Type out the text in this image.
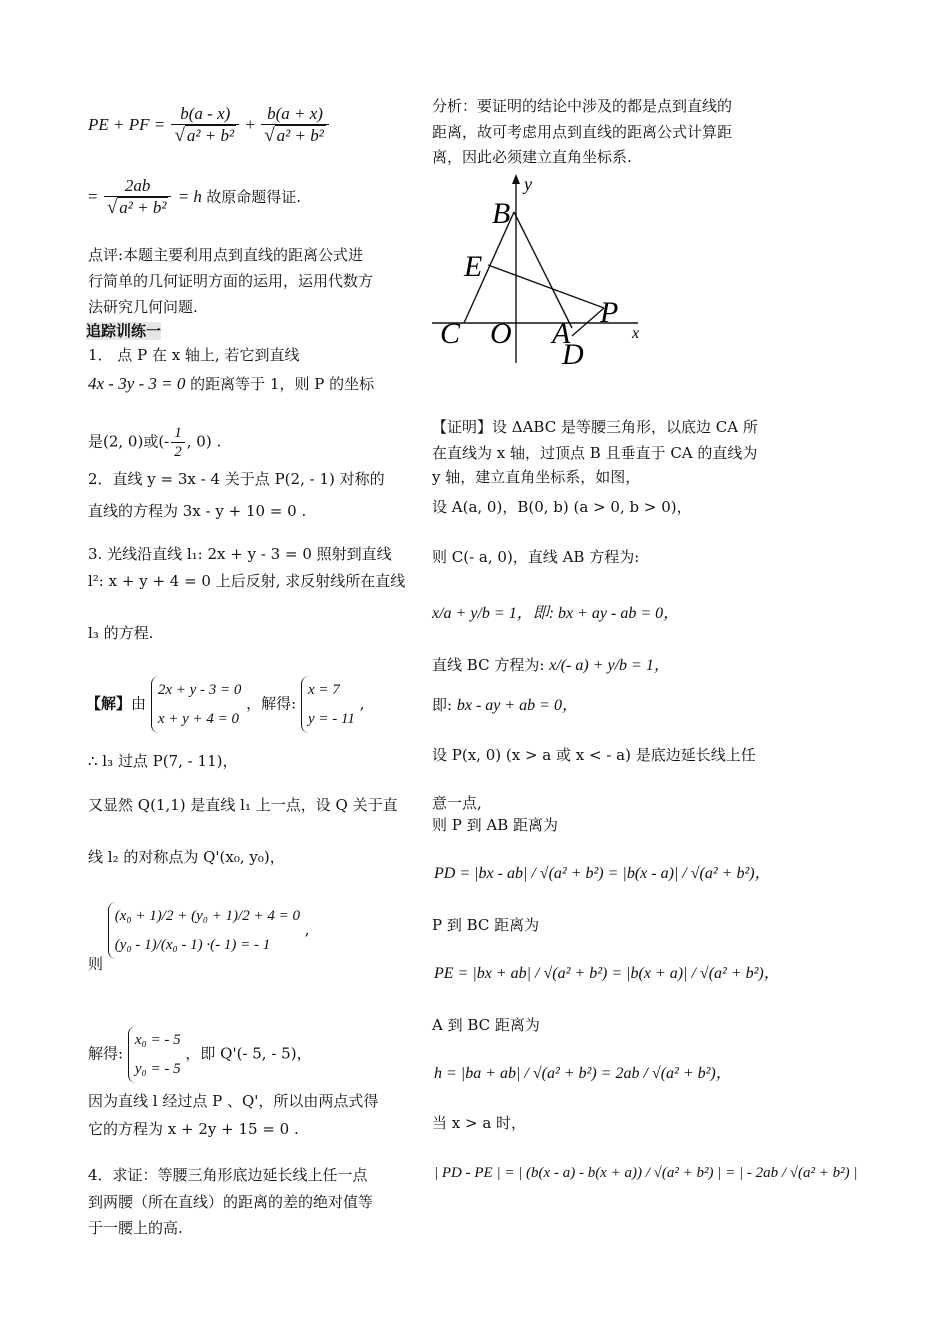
PE + PF = $\frac{b(a - x)}{\text{√ a² + b²}} + \frac{b(a + x)}{\text{√ a² + b²}}$
= $\frac{2ab}{\text{√ a² + b²}} = h$ 故原命题得证.
点评:本题主要利用点到直线的距离公式进
行简单的几何证明方面的运用，运用代数方
法研究几何问题.
追踪训练一
1． 点 P 在 x 轴上, 若它到直线
4x - 3y - 3 = 0 的距离等于 1，则 P 的坐标
是(2, 0)或(- $\frac{1}{2}$ , 0) .
2．直线 y = 3x - 4 关于点 P(2, - 1) 对称的
直线的方程为 3x - y + 10 = 0 .
3. 光线沿直线 l₁: 2x + y - 3 = 0 照射到直线
l²: x + y + 4 = 0 上后反射, 求反射线所在直线
l₃ 的方程.
【解】由
2x + y - 3 = 0
x + y + 4 = 0
，解得:
x = 7
y = - 11
,
∴ l₃ 过点 P(7, - 11)，
又显然 Q(1,1) 是直线 l₁ 上一点，设 Q 关于直
线 l₂ 的对称点为 Q'(x₀, y₀)，
则
(x₀ + 1)/2 + (y₀ + 1)/2 + 4 = 0
(y₀ - 1)/(x₀ - 1) ·(- 1) = - 1
,
解得:
x₀ = - 5
y₀ = - 5
，即 Q'(- 5, - 5)，
因为直线 l 经过点 P 、Q'，所以由两点式得
它的方程为 x + 2y + 15 = 0 .
4．求证：等腰三角形底边延长线上任一点
到两腰（所在直线）的距离的差的绝对值等
于一腰上的高.
分析：要证明的结论中涉及的都是点到直线的
距离，故可考虑用点到直线的距离公式计算距
离，因此必须建立直角坐标系.
y
x
B
E
C O A
P
D
【证明】设 ΔABC 是等腰三角形，以底边 CA 所
在直线为 x 轴，过顶点 B 且垂直于 CA 的直线为
y 轴，建立直角坐标系，如图，
设 A(a, 0)，B(0, b) (a > 0, b > 0)，
则 C(- a, 0)，直线 AB 方程为:
x/a + y/b = 1，即: bx + ay - ab = 0，
直线 BC 方程为: x/(- a) + y/b = 1，
即: bx - ay + ab = 0，
设 P(x, 0) (x > a 或 x < - a) 是底边延长线上任
意一点,
则 P 到 AB 距离为
PD = |bx - ab| / √(a² + b²) = |b(x - a)| / √(a² + b²)，
P 到 BC 距离为
PE = |bx + ab| / √(a² + b²) = |b(x + a)| / √(a² + b²)，
A 到 BC 距离为
h = |ba + ab| / √(a² + b²) = 2ab / √(a² + b²)，
当 x > a 时，
| PD - PE | = | (b(x - a) - b(x + a)) / √(a² + b²) | = | - 2ab / √(a² + b²) |
